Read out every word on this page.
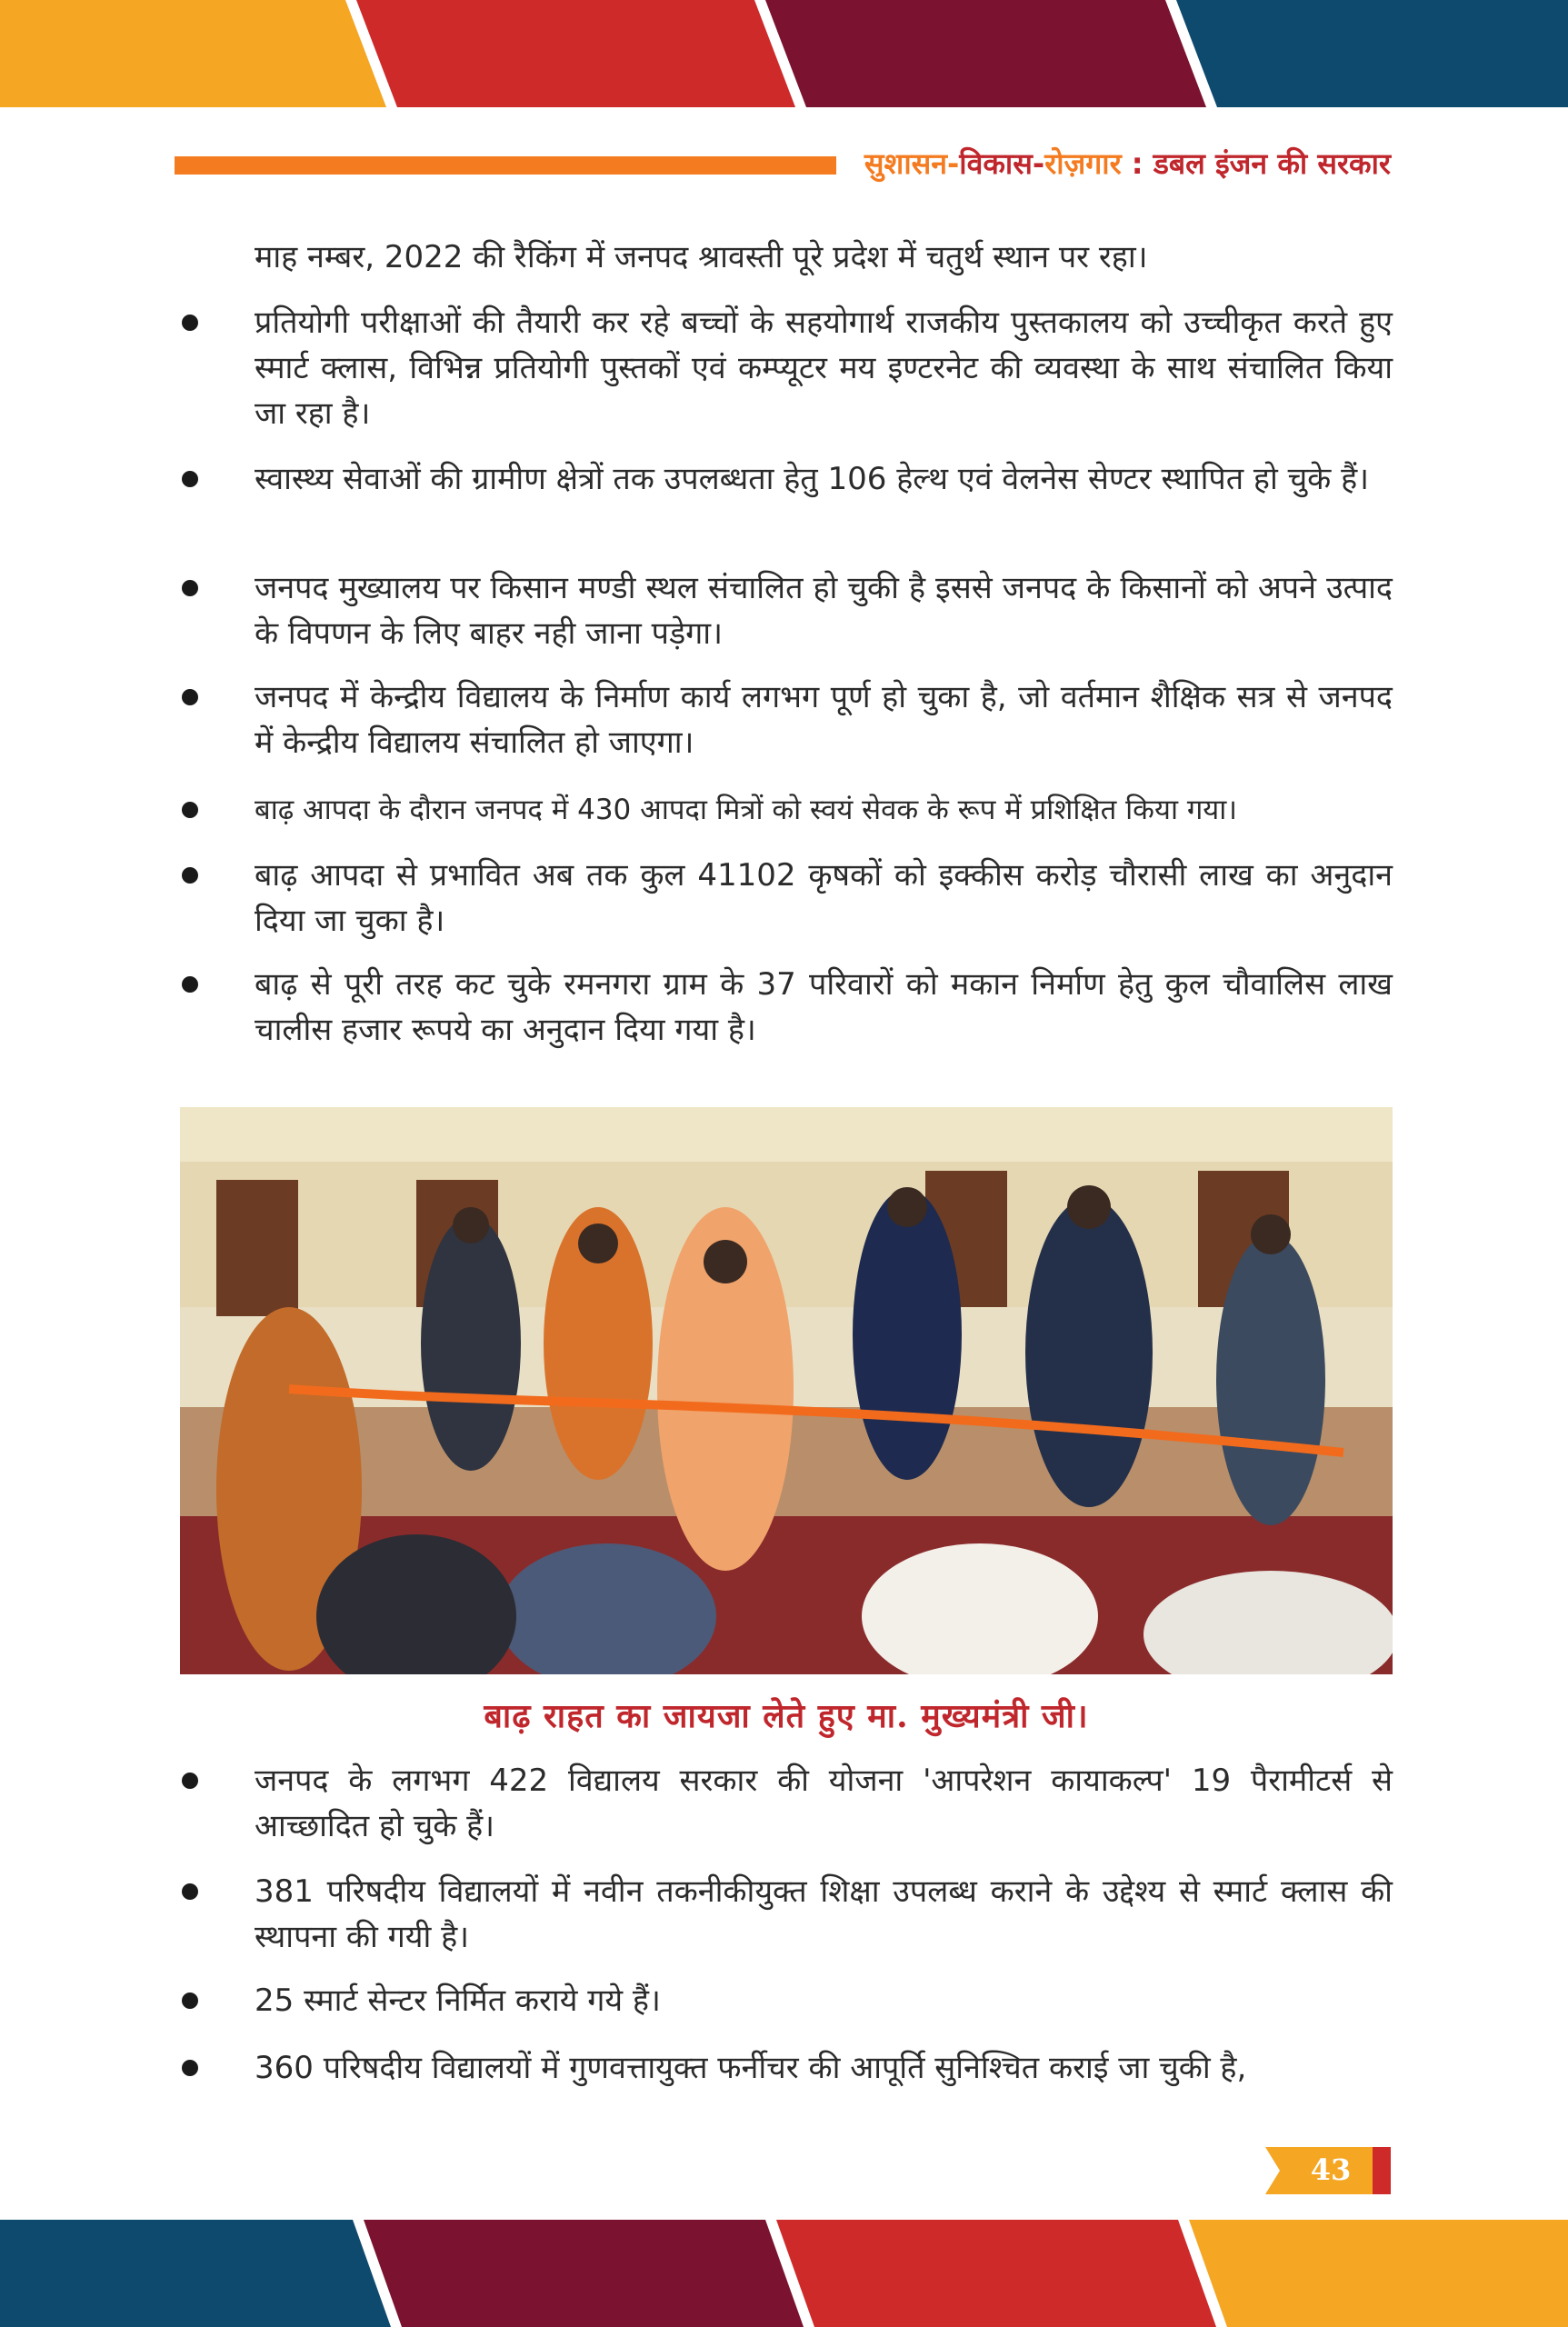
सुशासन-विकास-रोज़गार : डबल इंजन की सरकार
माह नम्बर, 2022 की रैकिंग में जनपद श्रावस्ती पूरे प्रदेश में चतुर्थ स्थान पर रहा।
प्रतियोगी परीक्षाओं की तैयारी कर रहे बच्चों के सहयोगार्थ राजकीय पुस्तकालय को उच्चीकृत करते हुए स्मार्ट क्लास, विभिन्न प्रतियोगी पुस्तकों एवं कम्प्यूटर मय इण्टरनेट की व्यवस्था के साथ संचालित किया जा रहा है।
स्वास्थ्य सेवाओं की ग्रामीण क्षेत्रों तक उपलब्धता हेतु 106 हेल्थ एवं वेलनेस सेण्टर स्थापित हो चुके हैं।
जनपद मुख्यालय पर किसान मण्डी स्थल संचालित हो चुकी है इससे जनपद के किसानों को अपने उत्पाद के विपणन के लिए बाहर नही जाना पड़ेगा।
जनपद में केन्द्रीय विद्यालय के निर्माण कार्य लगभग पूर्ण हो चुका है, जो वर्तमान शैक्षिक सत्र से जनपद में केन्द्रीय विद्यालय संचालित हो जाएगा।
बाढ़ आपदा के दौरान जनपद में 430 आपदा मित्रों को स्वयं सेवक के रूप में प्रशिक्षित किया गया।
बाढ़ आपदा से प्रभावित अब तक कुल 41102 कृषकों को इक्कीस करोड़ चौरासी लाख का अनुदान दिया जा चुका है।
बाढ़ से पूरी तरह कट चुके रमनगरा ग्राम के 37 परिवारों को मकान निर्माण हेतु कुल चौवालिस लाख चालीस हजार रूपये का अनुदान दिया गया है।
बाढ़ राहत का जायजा लेते हुए मा. मुख्यमंत्री जी।
जनपद के लगभग 422 विद्यालय सरकार की योजना 'आपरेशन कायाकल्प' 19 पैरामीटर्स से आच्छादित हो चुके हैं।
381 परिषदीय विद्यालयों में नवीन तकनीकीयुक्त शिक्षा उपलब्ध कराने के उद्देश्य से स्मार्ट क्लास की स्थापना की गयी है।
25 स्मार्ट सेन्टर निर्मित कराये गये हैं।
360 परिषदीय विद्यालयों में गुणवत्तायुक्त फर्नीचर की आपूर्ति सुनिश्चित कराई जा चुकी है,
43
